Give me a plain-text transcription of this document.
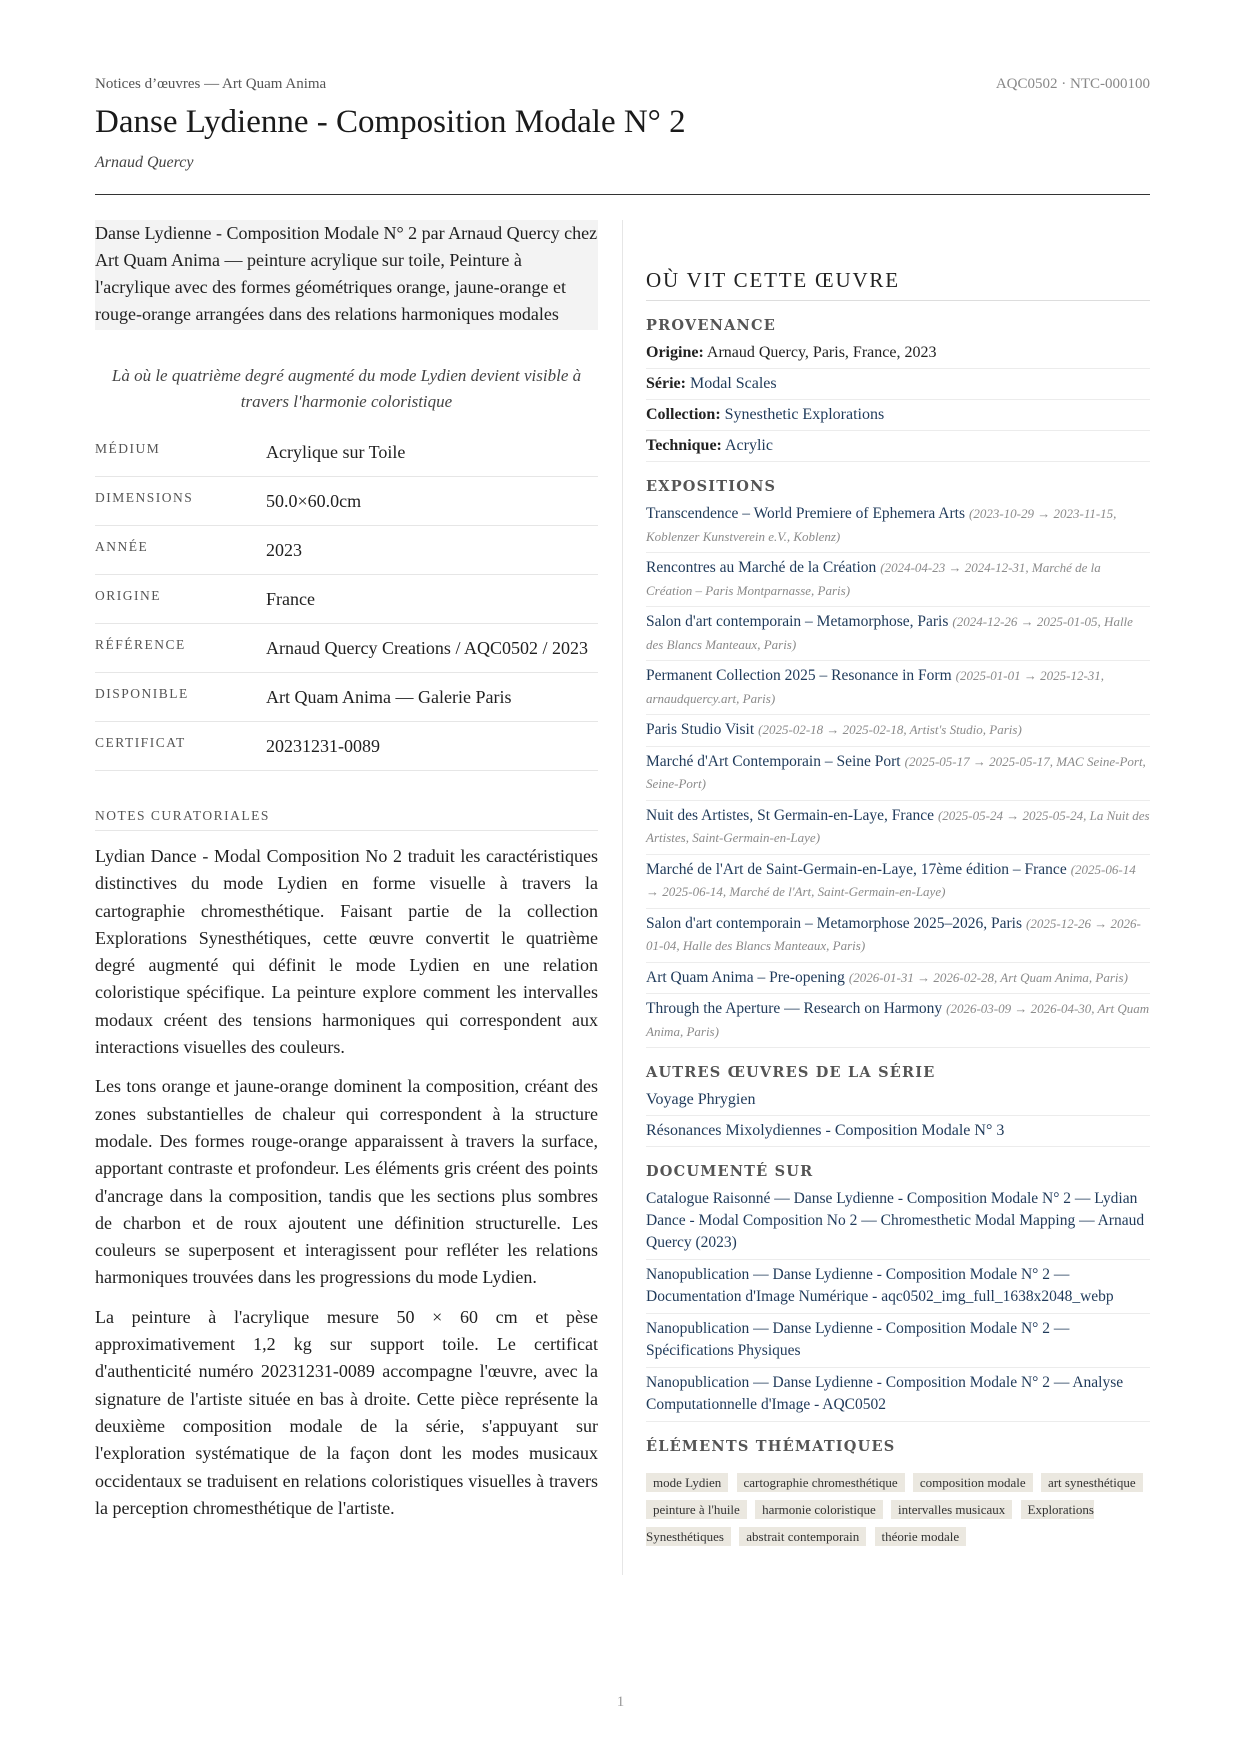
Notices d’œuvres — Art Quam Anima	AQC0502 · NTC-000100
Danse Lydienne - Composition Modale N° 2
Arnaud Quercy
Danse Lydienne - Composition Modale N° 2 par Arnaud Quercy chez Art Quam Anima — peinture acrylique sur toile, Peinture à l'acrylique avec des formes géométriques orange, jaune-orange et rouge-orange arrangées dans des relations harmoniques modales
Là où le quatrième degré augmenté du mode Lydien devient visible à travers l'harmonie coloristique
MÉDIUM	Acrylique sur Toile
DIMENSIONS	50.0×60.0cm
ANNÉE	2023
ORIGINE	France
RÉFÉRENCE	Arnaud Quercy Creations / AQC0502 / 2023
DISPONIBLE	Art Quam Anima — Galerie Paris
CERTIFICAT	20231231-0089
NOTES CURATORIALES

Lydian Dance - Modal Composition No 2 traduit les caractéristiques distinctives du mode Lydien en forme visuelle à travers la cartographie chromesthétique. Faisant partie de la collection Explorations Synesthétiques, cette œuvre convertit le quatrième degré augmenté qui définit le mode Lydien en une relation coloristique spécifique. La peinture explore comment les intervalles modaux créent des tensions harmoniques qui correspondent aux interactions visuelles des couleurs.

Les tons orange et jaune-orange dominent la composition, créant des zones substantielles de chaleur qui correspondent à la structure modale. Des formes rouge-orange apparaissent à travers la surface, apportant contraste et profondeur. Les éléments gris créent des points d'ancrage dans la composition, tandis que les sections plus sombres de charbon et de roux ajoutent une définition structurelle. Les couleurs se superposent et interagissent pour refléter les relations harmoniques trouvées dans les progressions du mode Lydien.

La peinture à l'acrylique mesure 50 × 60 cm et pèse approximativement 1,2 kg sur support toile. Le certificat d'authenticité numéro 20231231-0089 accompagne l'œuvre, avec la signature de l'artiste située en bas à droite. Cette pièce représente la deuxième composition modale de la série, s'appuyant sur l'exploration systématique de la façon dont les modes musicaux occidentaux se traduisent en relations coloristiques visuelles à travers la perception chromesthétique de l'artiste.

OÙ VIT CETTE ŒUVRE
PROVENANCE
Origine: Arnaud Quercy, Paris, France, 2023
Série: Modal Scales
Collection: Synesthetic Explorations
Technique: Acrylic
EXPOSITIONS
Transcendence – World Premiere of Ephemera Arts (2023-10-29 → 2023-11-15, Koblenzer Kunstverein e.V., Koblenz)
Rencontres au Marché de la Création (2024-04-23 → 2024-12-31, Marché de la Création – Paris Montparnasse, Paris)
Salon d'art contemporain – Metamorphose, Paris (2024-12-26 → 2025-01-05, Halle des Blancs Manteaux, Paris)
Permanent Collection 2025 – Resonance in Form (2025-01-01 → 2025-12-31, arnaudquercy.art, Paris)
Paris Studio Visit (2025-02-18 → 2025-02-18, Artist's Studio, Paris)
Marché d'Art Contemporain – Seine Port (2025-05-17 → 2025-05-17, MAC Seine-Port, Seine-Port)
Nuit des Artistes, St Germain-en-Laye, France (2025-05-24 → 2025-05-24, La Nuit des Artistes, Saint-Germain-en-Laye)
Marché de l'Art de Saint-Germain-en-Laye, 17ème édition – France (2025-06-14 → 2025-06-14, Marché de l'Art, Saint-Germain-en-Laye)
Salon d'art contemporain – Metamorphose 2025–2026, Paris (2025-12-26 → 2026-01-04, Halle des Blancs Manteaux, Paris)
Art Quam Anima – Pre-opening (2026-01-31 → 2026-02-28, Art Quam Anima, Paris)
Through the Aperture — Research on Harmony (2026-03-09 → 2026-04-30, Art Quam Anima, Paris)
AUTRES ŒUVRES DE LA SÉRIE
Voyage Phrygien
Résonances Mixolydiennes - Composition Modale N° 3
DOCUMENTÉ SUR
Catalogue Raisonné — Danse Lydienne - Composition Modale N° 2 — Lydian Dance - Modal Composition No 2 — Chromesthetic Modal Mapping — Arnaud Quercy (2023)
Nanopublication — Danse Lydienne - Composition Modale N° 2 — Documentation d'Image Numérique - aqc0502_img_full_1638x2048_webp
Nanopublication — Danse Lydienne - Composition Modale N° 2 — Spécifications Physiques
Nanopublication — Danse Lydienne - Composition Modale N° 2 — Analyse Computationnelle d'Image - AQC0502
ÉLÉMENTS THÉMATIQUES
mode Lydien cartographie chromesthétique composition modale art synesthétique peinture à l'huile harmonie coloristique intervalles musicaux Explorations Synesthétiques abstrait contemporain théorie modale
1
